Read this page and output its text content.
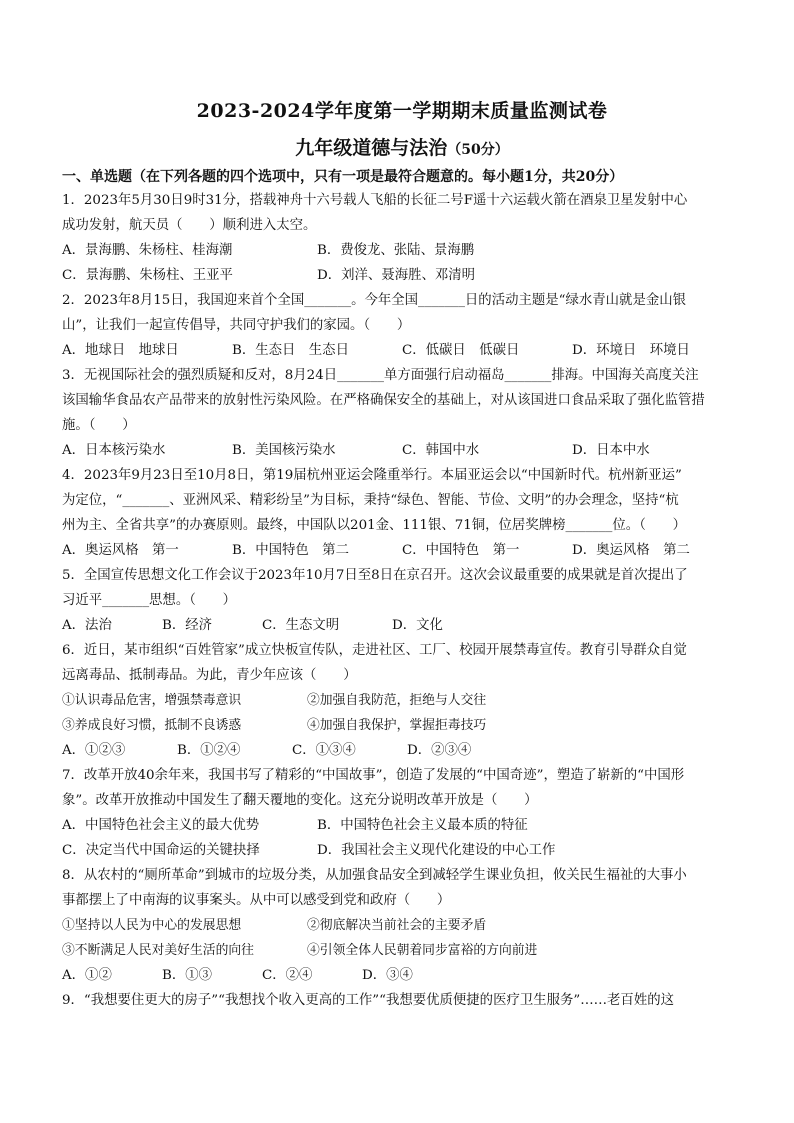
2023-2024学年度第一学期期末质量监测试卷
九年级道德与法治（50分）
一、单选题（在下列各题的四个选项中，只有一项是最符合题意的。每小题1分，共20分）
1．2023年5月30日9时31分，搭载神舟十六号载人飞船的长征二号F遥十六运载火箭在酒泉卫星发射中心
成功发射，航天员（　　）顺利进入太空。
A．景海鹏、朱杨柱、桂海潮	B．费俊龙、张陆、景海鹏
C．景海鹏、朱杨柱、王亚平	D．刘洋、聂海胜、邓清明
2．2023年8月15日，我国迎来首个全国_______。今年全国_______日的活动主题是“绿水青山就是金山银
山”，让我们一起宣传倡导，共同守护我们的家园。（　　）
A．地球日　地球日	B．生态日　生态日	C．低碳日　低碳日	D．环境日　环境日
3．无视国际社会的强烈质疑和反对，8月24日_______单方面强行启动福岛_______排海。中国海关高度关注
该国输华食品农产品带来的放射性污染风险。在严格确保安全的基础上，对从该国进口食品采取了强化监管措
施。（　　）
A．日本核污染水	B．美国核污染水	C．韩国中水	D．日本中水
4．2023年9月23日至10月8日，第19届杭州亚运会隆重举行。本届亚运会以“中国新时代。杭州新亚运”
为定位，“_______、亚洲风采、精彩纷呈”为目标，秉持“绿色、智能、节俭、文明”的办会理念，坚持“杭
州为主、全省共享”的办赛原则。最终，中国队以201金、111银、71铜，位居奖牌榜_______位。（　　）
A．奥运风格　第一	B．中国特色　第二	C．中国特色　第一	D．奥运风格　第二
5．全国宣传思想文化工作会议于2023年10月7日至8日在京召开。这次会议最重要的成果就是首次提出了
习近平_______思想。（　　）
A．法治	B．经济	C．生态文明	D．文化
6．近日，某市组织“百姓管家”成立快板宣传队，走进社区、工厂、校园开展禁毒宣传。教育引导群众自觉
远离毒品、抵制毒品。为此，青少年应该（　　）
①认识毒品危害，增强禁毒意识	②加强自我防范，拒绝与人交往
③养成良好习惯，抵制不良诱惑	④加强自我保护，掌握拒毒技巧
A．①②③	B．①②④	C．①③④	D．②③④
7．改革开放40余年来，我国书写了精彩的“中国故事”，创造了发展的“中国奇迹”，塑造了崭新的“中国形
象”。改革开放推动中国发生了翻天覆地的变化。这充分说明改革开放是（　　）
A．中国特色社会主义的最大优势	B．中国特色社会主义最本质的特征
C．决定当代中国命运的关键抉择	D．我国社会主义现代化建设的中心工作
8．从农村的“厕所革命”到城市的垃圾分类，从加强食品安全到减轻学生课业负担，攸关民生福祉的大事小
事都摆上了中南海的议事案头。从中可以感受到党和政府（　　）
①坚持以人民为中心的发展思想	②彻底解决当前社会的主要矛盾
③不断满足人民对美好生活的向往	④引领全体人民朝着同步富裕的方向前进
A．①②	B．①③	C．②④	D．③④
9．“我想要住更大的房子”“我想找个收入更高的工作”“我想要优质便捷的医疗卫生服务”……老百姓的这
